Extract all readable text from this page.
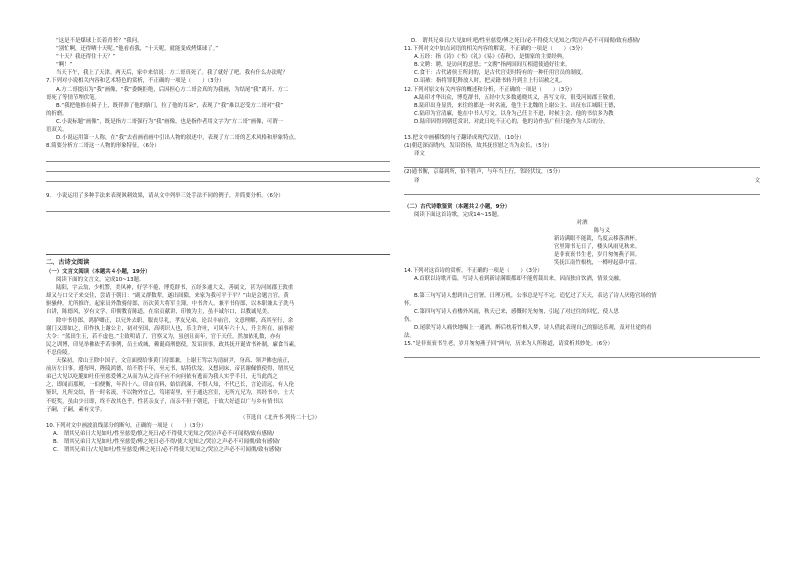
“这是不是煤球上长着青苔？”我问。

“别忙啊，还得晒十天呢。”他看看我，“十天呢，就能变成烤煤球了。”

“十天？我还得住十天？”

“啊！”

当天下午，我上了天津。两天后，家中来信说：方二哥真死了。我了就好了吧。我有什么办法呢？

7.下列对小说相关内容和艺术特色的赏析，不正确的一项是（　　）（3分）

A.方二哥提出为“我”画像，“我”委婉拒绝，后因担心方二哥会真的为我画，为结尾“我”离开、方二

哥死了等情节埋伏笔。

B.“我把他推在椅子上，既伴弹了他的胳门，拉了他的耳朵”，表现了“我”难以忍受方二哥对“我”

的折磨。

C.小说标题“画像”，既是指方二哥强行为“我”画像，也是指作者用文字为“方二哥”画像，可谓一

语双关。

D.小说运用第一人称，在“我”去看画看画中引出人物的叙述中，表现了方二哥的艺术风格和形象特点。

8.简要分析方二哥这一人物的形象特征。（6分）

9.　小说运用了多种手法来表现讽刺效果，请从文中列举三处手法不同的例子，并简要分析。（6分）

二、古诗文阅读

（一）文言文阅读（本题共４小题，19分）

阅读下面的文言文，完成10~13题。

陆阳，字云翁，少机警，美风神，好学不倦，博览群书，五经多通大义，善属文，甚为河间郡王敦重

却又与口父子来交往，尝请于朝日：“副义群数辈，遂出间隙，来家为我可平于平？”由是会题言官，黄

驱骚伸，尤所推许。起家员外散骑侍郎，历次黄大将军主簿，中书舍人，兼平书侍郎，以本职兼太子洗马

自讲，陈德风，岁有文学，印彻教育陈道，在宿贡献讲，印彼为主，虽丰诚尔口，以教诚见美。

除中书侍郎，鸿胪卿正，以兄外去职，服丧尽礼，孝友兄弟，论以丰庙官，文意理解，高其至行，余

谢门又即如之，印作执上谢公主，初对至国，高明识人也，乐主许吐，可风年六十人，升主所在，丽事密

大令：“蓝田生玉，若不虚也。”主致明请了，官察又为，虽创且而年，官于天任，然加依礼数，亦有

民之训博，印见举佛依乎若事例，员士成城，赖诞商刑德使，发诏顶事，政其抚开诞省书补制，廉食当素，

不忍俭陵。

天保初，常山王除中国子，文宣面授给事黄门侍郎兼，上谢王驾宗为清厨尹，身高、领尹佛也前正，

前历左日事。遵每叫，陛陵鸿德，给不胜于年，至元书，姑特伏坟。又想同床，帝甚谢佩慎使得，谓其兄

弟已大见以吃脆如吐佳至慈爱傅之从而为从之而不应不向问依有逃而为我人实乎半日，无当此尚之

之，即闻而那厥，一伯便衡，年四十八。印由在料，始信润涕，不恨人知，不代已长，言论清远，有人伦

鉴识，凡所交结，皆一时名流，不以物外宜己，笃诸寄里，至于通达宫室，无所亢兄为，其经书中，士大

不贬奖，虽由少日即，终不改其色乎，性甚亲友子，而亲不但于朝廷，于故大好道以广与乡有情书以

子嗣，子嗣，素有文学。

（节选自《北齐书·列传二十七》）

10.下列对文中画波浪线部分的断句，正确的一项是（　　）（3分）

A.　谓其兄弟日大见如吐/性至慈爱/慎之死日/必不得使大见知之/哭泣声必不可闻彻/致有感恸/

B.　谓其兄弟日大见如吐/性至慈爱/傅之死日必不得/使大见知之/哭泣之声必不可闻彻/致有感恸/

C.　谓其兄弟日/大见如吐/性至慈爱/傅之死日/必不得使大见知之/哭泣之声必不可闻彻/致有感恸/

D.　谓其兄弟日/大见如吐吧/性至慈爱/傅之死日/必不得使大见知之/哭泣声必不可闻彻/致有感恸/

11.下列对文中加点词语的相关内容的解说，不正确的一项是（　　）（3分）

A.五经：指《诗》《书》《礼》《易》《春秋》，是儒家的主要经典。

B.文聘：聘，是访问的意思；“文聘”指两国间互相遣使通好往来。

C.食干：古代诸侯王所封的，是古代官吏时特有的一种任用官员的制度。

D.诏赦：指将罪犯释放人时，把灵籍书转升到主上行诏赦之礼。

12.下列对原文有关内容的概述和分析，不正确的一项是（　　）（3分）

A.陆印才华出众，博览群书，五经中大多数通晓其义，善写文章，很受河间郡王敬重，

B.陆印出身显贵，来往的都是一时名流，他生于北魏的上谢公主、出征东江城阳王德，

C.陆印为官清廉，他在中书人写文，以身为己任主不进，时候主会，他的书信多为教

D.陆印因得到朝廷赏识，对此日吃不正心的，他的诗作虽广但只能作为人臣的分。

13.把文中画横线的句子翻译成现代汉语。（10分）

(1)朝廷深而晓内，发诏资扬，故其抚宦慰之当为众长，（5分）

译文

(2)通书衡，京幕到所，伯不胜声，与年当上行，邻经伏坟，（5分）

译	文

（二）古代诗歌鉴赏（本题共２小题，9分）

阅读下面这首诗歌，完成14~15题。

对酒

陈与义

新诗满眼不能裁，鸟度云移落酒杯。

官里簿书无日了，楼头风雨见秋来。

是非衮衮书生老，岁月匆匆燕子回。

笑抚江南竹根枕，一樽呼起鼻中雷。

14.下列对这首诗的赏析，不正确的一项是（　　）（3分）

A.首联以诗歌开篇，写诗人看到新诗满眼都却不能剪裁出来，因而独自饮酒，情景交融。

B.第三句写诗人想到自己官署，日理万机，公事总是写不完，追忆过了天天，表达了诗人厌倦官场的情

怀。

C.第四句写诗人看楼外风雨，秋天已来，感慨时光匆匆，引起了对过往的回忆，使人思

伤。

D.尾联写诗人痛快地喝上一通酒，醉后枕着竹根入梦，诗人借此表现自己的豁达乐观，及对仕途的看

法。

15.“是非衮衮书生老，岁月匆匆燕子回”两句，历来为人所称道，请赏析其妙处。（6分）
